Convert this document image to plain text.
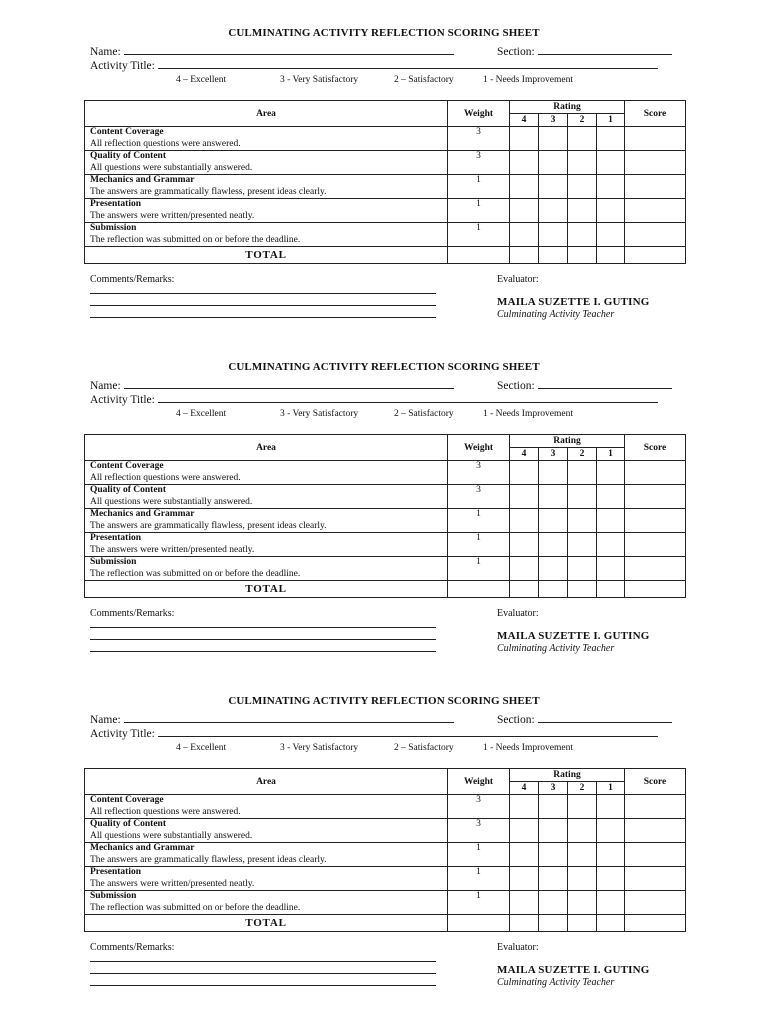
CULMINATING ACTIVITY REFLECTION SCORING SHEET
Name:	Section:
Activity Title:
4 – Excellent	3 - Very Satisfactory	2 – Satisfactory	1 - Needs Improvement
Area	Weight	Rating				Score
		4	3	2	1	

Content Coverage
All reflection questions were answered.	3					

Quality of Content
All questions were substantially answered.	3					

Mechanics and Grammar
The answers are grammatically flawless, present ideas clearly.	1					

Presentation
The answers were written/presented neatly.	1					

Submission
The reflection was submitted on or before the deadline.	1					
TOTAL						
Comments/Remarks:	Evaluator:
MAILA SUZETTE I. GUTING
Culminating Activity Teacher
CULMINATING ACTIVITY REFLECTION SCORING SHEET
Name:	Section:
Activity Title:
4 – Excellent	3 - Very Satisfactory	2 – Satisfactory	1 - Needs Improvement
Area	Weight	Rating				Score
		4	3	2	1	

Content Coverage
All reflection questions were answered.	3					

Quality of Content
All questions were substantially answered.	3					

Mechanics and Grammar
The answers are grammatically flawless, present ideas clearly.	1					

Presentation
The answers were written/presented neatly.	1					

Submission
The reflection was submitted on or before the deadline.	1					
TOTAL						
Comments/Remarks:	Evaluator:
MAILA SUZETTE I. GUTING
Culminating Activity Teacher
CULMINATING ACTIVITY REFLECTION SCORING SHEET
Name:	Section:
Activity Title:
4 – Excellent	3 - Very Satisfactory	2 – Satisfactory	1 - Needs Improvement
Area	Weight	Rating				Score
		4	3	2	1	

Content Coverage
All reflection questions were answered.	3					

Quality of Content
All questions were substantially answered.	3					

Mechanics and Grammar
The answers are grammatically flawless, present ideas clearly.	1					

Presentation
The answers were written/presented neatly.	1					

Submission
The reflection was submitted on or before the deadline.	1					
TOTAL						
Comments/Remarks:	Evaluator:
MAILA SUZETTE I. GUTING
Culminating Activity Teacher
